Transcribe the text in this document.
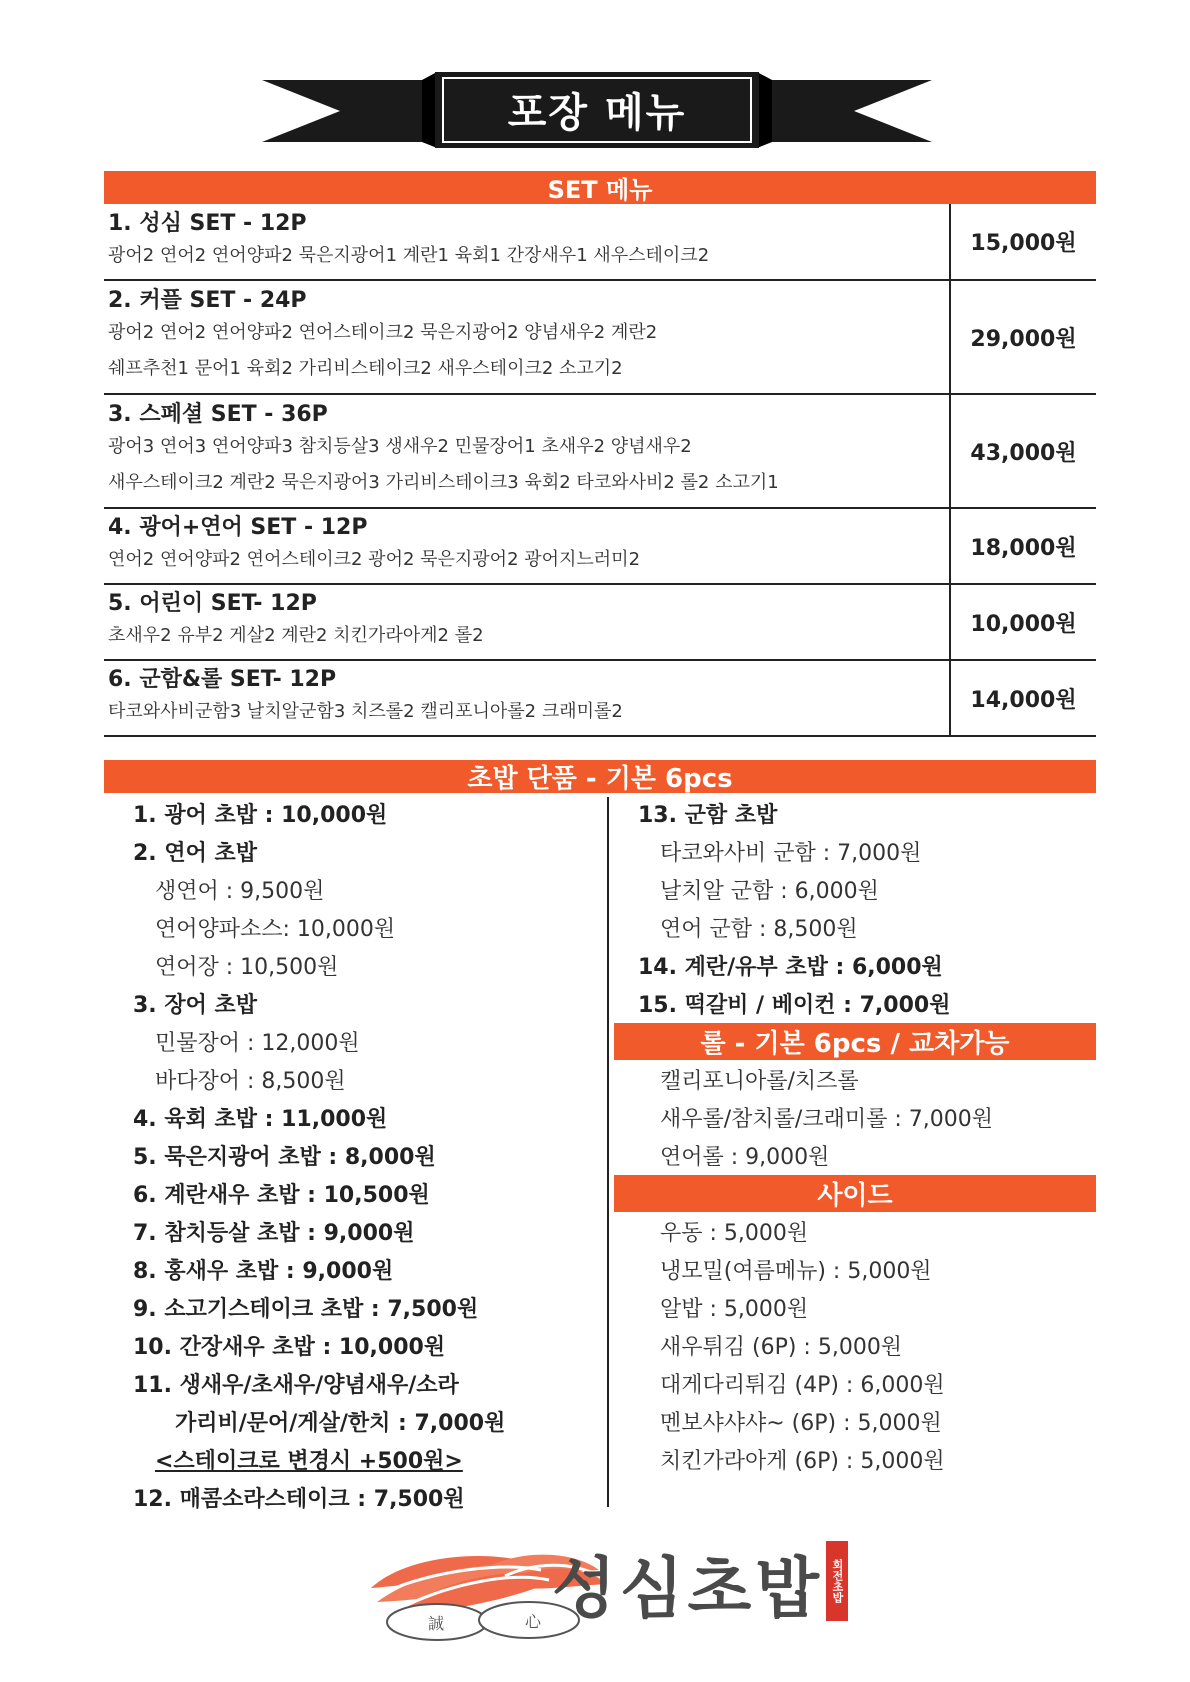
포장 메뉴
SET 메뉴
1. 성심 SET - 12P
광어2 연어2 연어양파2 묵은지광어1 계란1 육회1 간장새우1 새우스테이크2	15,000원

2. 커플 SET - 24P
광어2 연어2 연어양파2 연어스테이크2 묵은지광어2 양념새우2 계란2
쉐프추천1 문어1 육회2 가리비스테이크2 새우스테이크2 소고기2	29,000원

3. 스페셜 SET - 36P
광어3 연어3 연어양파3 참치등살3 생새우2 민물장어1 초새우2 양념새우2
새우스테이크2 계란2 묵은지광어3 가리비스테이크3 육회2 타코와사비2 롤2 소고기1	43,000원

4. 광어+연어 SET - 12P
연어2 연어양파2 연어스테이크2 광어2 묵은지광어2 광어지느러미2	18,000원

5. 어린이 SET- 12P
초새우2 유부2 게살2 계란2 치킨가라아게2 롤2	10,000원

6. 군함&롤 SET- 12P
타코와사비군함3 날치알군함3 치즈롤2 캘리포니아롤2 크래미롤2	14,000원
초밥 단품 - 기본 6pcs
1. 광어 초밥 : 10,000원
2. 연어 초밥
생연어 : 9,500원
연어양파소스: 10,000원
연어장 : 10,500원
3. 장어 초밥
민물장어 : 12,000원
바다장어 : 8,500원
4. 육회 초밥 : 11,000원
5. 묵은지광어 초밥 : 8,000원
6. 계란새우 초밥 : 10,500원
7. 참치등살 초밥 : 9,000원
8. 홍새우 초밥 : 9,000원
9. 소고기스테이크 초밥 : 7,500원
10. 간장새우 초밥 : 10,000원
11. 생새우/초새우/양념새우/소라
가리비/문어/게살/한치 : 7,000원
<스테이크로 변경시 +500원>
12. 매콤소라스테이크 : 7,500원
13. 군함 초밥
타코와사비 군함 : 7,000원
날치알 군함 : 6,000원
연어 군함 : 8,500원
14. 계란/유부 초밥 : 6,000원
15. 떡갈비 / 베이컨 : 7,000원
롤 - 기본 6pcs / 교차가능
캘리포니아롤/치즈롤
새우롤/참치롤/크래미롤 : 7,000원
연어롤 : 9,000원
사이드
우동 : 5,000원
냉모밀(여름메뉴) : 5,000원
알밥 : 5,000원
새우튀김 (6P) : 5,000원
대게다리튀김 (4P) : 6,000원
멘보샤샤샤~ (6P) : 5,000원
치킨가라아게 (6P) : 5,000원
誠	心 성심초밥 회전초밥
